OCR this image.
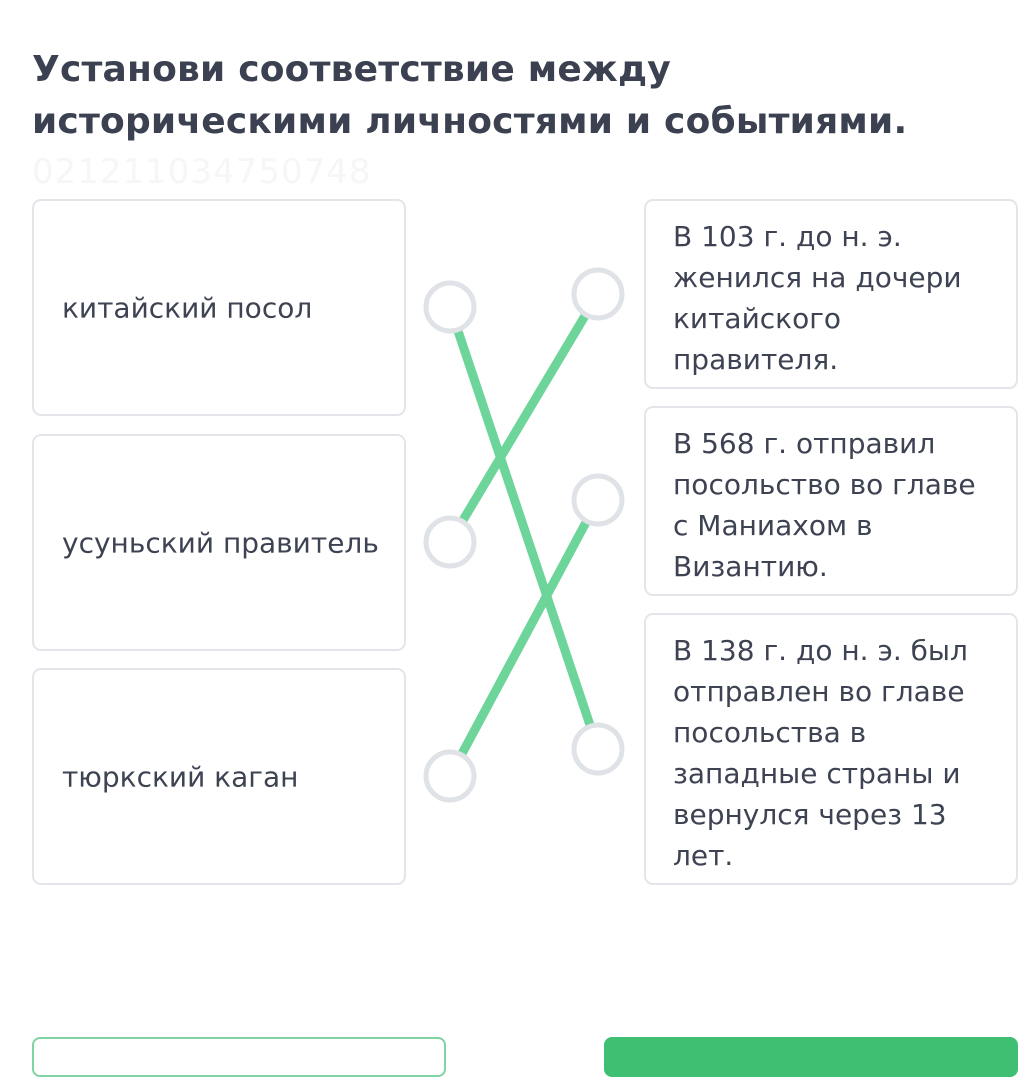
Установи соответствие между историческими личностями и событиями.
021211034750748
китайский посол
усуньский правитель
тюркский каган
В 103 г. до н. э. женился на дочери китайского правителя.
В 568 г. отправил посольство во главе с Маниахом в Византию.
В 138 г. до н. э. был отправлен во главе посольства в западные страны и вернулся через 13 лет.
